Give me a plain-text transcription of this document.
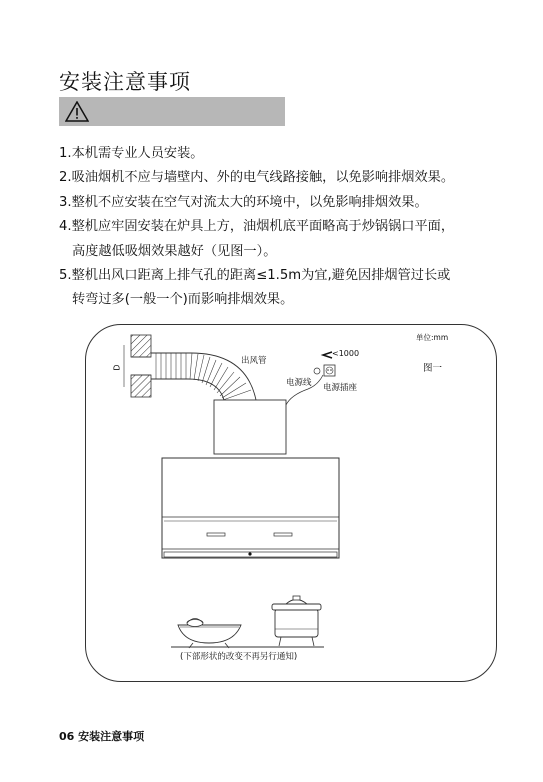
安装注意事项
1.本机需专业人员安装。
2.吸油烟机不应与墙壁内、外的电气线路接触，以免影响排烟效果。
3.整机不应安装在空气对流太大的环境中，以免影响排烟效果。
4.整机应牢固安装在炉具上方，油烟机底平面略高于炒锅锅口平面，
高度越低吸烟效果越好（见图一）。
5.整机出风口距离上排气孔的距离≤1.5m为宜,避免因排烟管过长或
转弯过多(一般一个)而影响排烟效果。
单位:mm
图一
D
出风管
<1000
电源线 电源插座
(下部形状的改变不再另行通知)
06 安装注意事项
